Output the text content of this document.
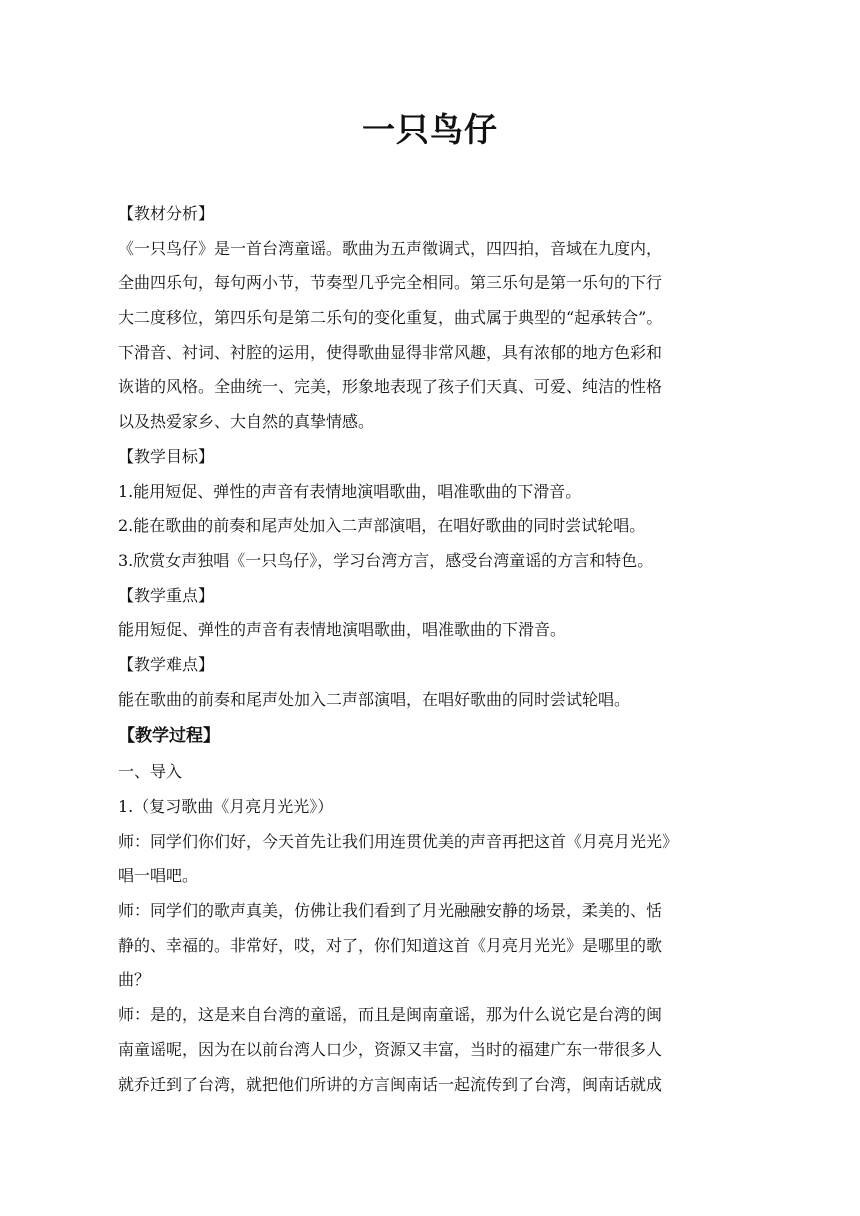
一只鸟仔
【教材分析】
《一只鸟仔》是一首台湾童谣。歌曲为五声徵调式，四四拍，音域在九度内，
全曲四乐句，每句两小节，节奏型几乎完全相同。第三乐句是第一乐句的下行
大二度移位，第四乐句是第二乐句的变化重复，曲式属于典型的“起承转合”。
下滑音、衬词、衬腔的运用，使得歌曲显得非常风趣，具有浓郁的地方色彩和
诙谐的风格。全曲统一、完美，形象地表现了孩子们天真、可爱、纯洁的性格
以及热爱家乡、大自然的真挚情感。
【教学目标】
1.能用短促、弹性的声音有表情地演唱歌曲，唱准歌曲的下滑音。
2.能在歌曲的前奏和尾声处加入二声部演唱，在唱好歌曲的同时尝试轮唱。
3.欣赏女声独唱《一只鸟仔》，学习台湾方言，感受台湾童谣的方言和特色。
【教学重点】
能用短促、弹性的声音有表情地演唱歌曲，唱准歌曲的下滑音。
【教学难点】
能在歌曲的前奏和尾声处加入二声部演唱，在唱好歌曲的同时尝试轮唱。
【教学过程】
一、导入
1.（复习歌曲《月亮月光光》）
师：同学们你们好，今天首先让我们用连贯优美的声音再把这首《月亮月光光》
唱一唱吧。
师：同学们的歌声真美，仿佛让我们看到了月光融融安静的场景，柔美的、恬
静的、幸福的。非常好，哎，对了，你们知道这首《月亮月光光》是哪里的歌
曲？
师：是的，这是来自台湾的童谣，而且是闽南童谣，那为什么说它是台湾的闽
南童谣呢，因为在以前台湾人口少，资源又丰富，当时的福建广东一带很多人
就乔迁到了台湾，就把他们所讲的方言闽南话一起流传到了台湾，闽南话就成
